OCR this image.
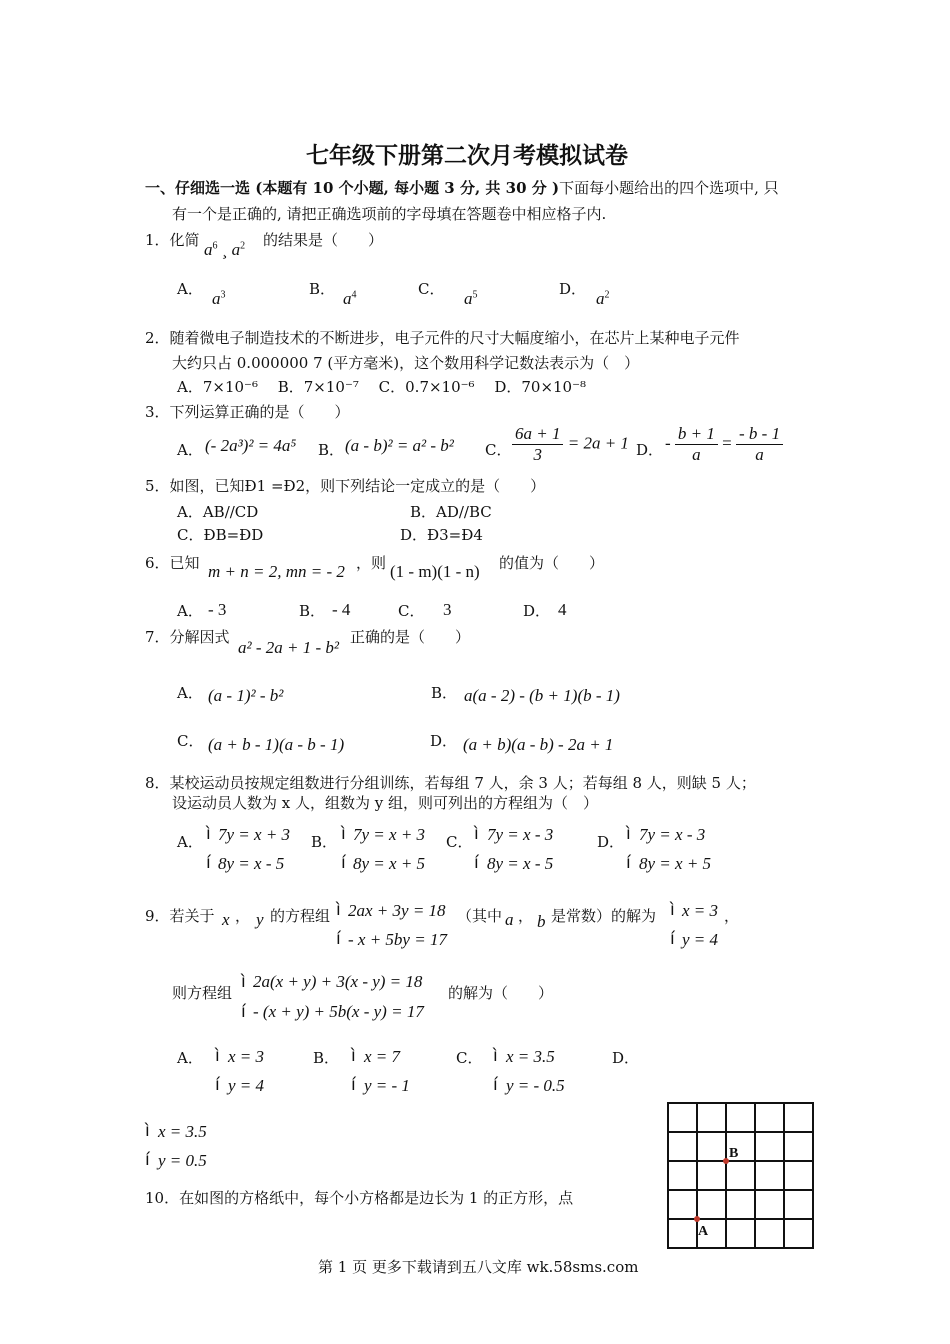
七年级下册第二次月考模拟试卷
一、仔细选一选 (本题有 10 个小题, 每小题 3 分, 共 30 分 )下面每小题给出的四个选项中, 只
有一个是正确的, 请把正确选项前的字母填在答题卷中相应格子内.
1．化简 $a^6$ ¸ $a^2$ 的结果是（　　）
A． $a^3$	B． $a^4$	C． $a^5$	D． $a^2$
2．随着微电子制造技术的不断进步，电子元件的尺寸大幅度缩小，在芯片上某种电子元件
大约只占 0.000000 7 (平方毫米)，这个数用科学记数法表示为（　）
A．7×10⁻⁶　 B．7×10⁻⁷　 C．0.7×10⁻⁶　 D．70×10⁻⁸
3．下列运算正确的是（　　）
A． (- 2a³)² = 4a⁵ B． (a - b)² = a² - b² C． $\frac{6a + 1}{3} = 2a + 1$ D． - $\frac{b + 1}{a} = \frac{- b - 1}{a}$
5．如图，已知Ð1 =Ð2，则下列结论一定成立的是（　　）
A．AB//CD	B．AD//BC
C．ÐB=ÐD	D．Ð3=Ð4
6．已知 m + n = 2, mn = - 2 ，则 (1 - m)(1 - n) 的值为（　　）
A． - 3	B． - 4	C． 3	D． 4
7．分解因式
a² - 2a + 1 - b²
正确的是（　　）
A． (a - 1)² - b²	B． a(a - 2) - (b + 1)(b - 1)
C． (a + b - 1)(a - b - 1)	D． (a + b)(a - b) - 2a + 1
8．某校运动员按规定组数进行分组训练，若每组 7 人，余 3 人；若每组 8 人，则缺 5 人；
设运动员人数为 x 人，组数为 y 组，则可列出的方程组为（　）
A． ì
í
7y = x + 3
8y = x - 5
B． ì
í
7y = x + 3
8y = x + 5
C． ì
í
7y = x - 3
8y = x - 5
D． ì
í
7y = x - 3
8y = x + 5
9．若关于 x ， y 的方程组 ì
í
2ax + 3y = 18
- x + 5by = 17
（其中 a ， b 是常数）的解为 ì
í
x = 3
y = 4
，
则方程组
ì
í
2a(x + y) + 3(x - y) = 18
- (x + y) + 5b(x - y) = 17
的解为（　　）
A． ì
í
x = 3
y = 4
B． ì
í
x = 7
y = - 1
C． ì
í
x = 3.5
y = - 0.5
D．
ì
í
x = 3.5
y = 0.5
10．在如图的方格纸中，每个小方格都是边长为 1 的正方形，点
B
A
第 1 页 更多下载请到五八文库 wk.58sms.com
